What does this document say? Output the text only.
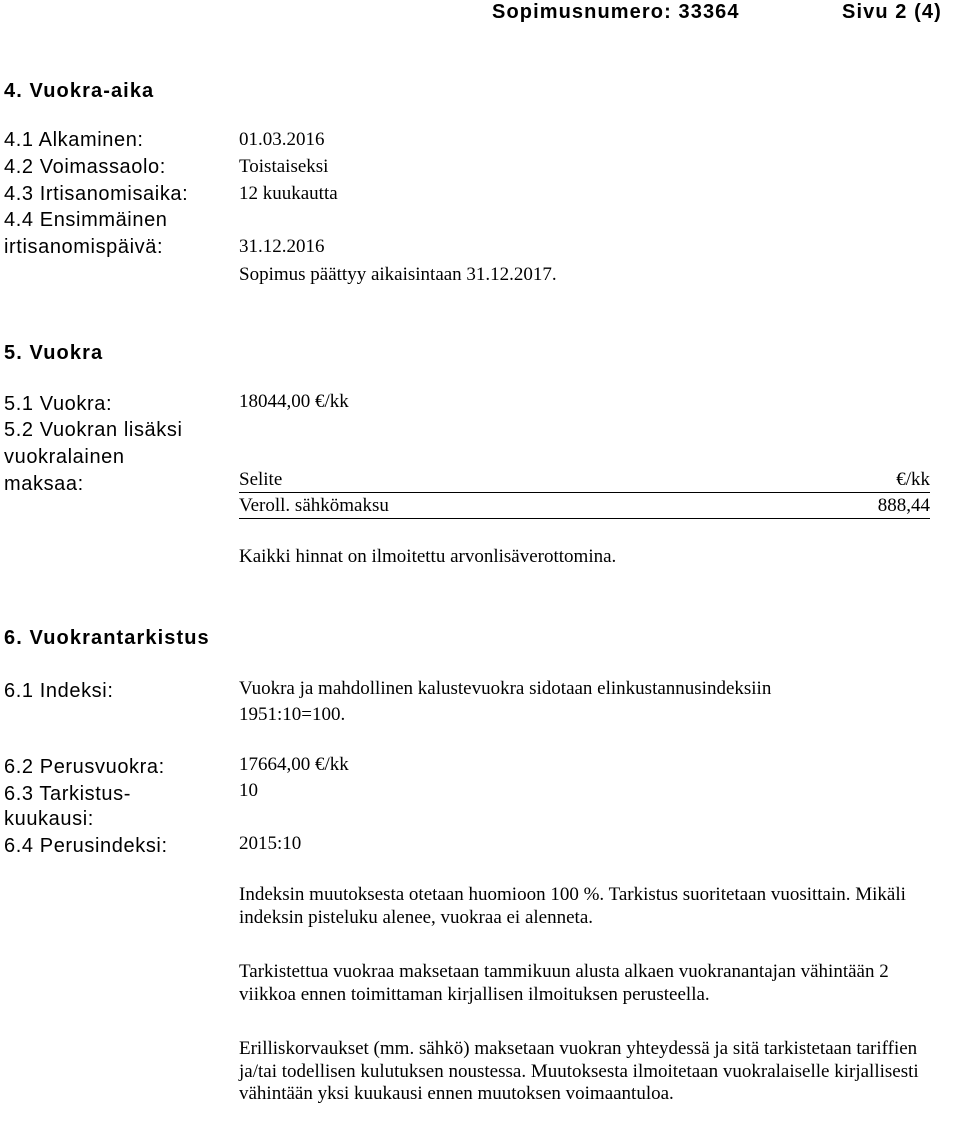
Sopimusnumero: 33364	Sivu 2 (4)
4. Vuokra-aika
4.1 Alkaminen:	01.03.2016
4.2 Voimassaolo:	Toistaiseksi
4.3 Irtisanomisaika:	12 kuukautta
4.4 Ensimmäinen
irtisanomispäivä:	31.12.2016
Sopimus päättyy aikaisintaan 31.12.2017.
5. Vuokra
5.1 Vuokra:	18044,00 €/kk
5.2 Vuokran lisäksi
vuokralainen
maksaa:	Selite	€/kk
Veroll. sähkömaksu	888,44
Kaikki hinnat on ilmoitettu arvonlisäverottomina.
6. Vuokrantarkistus
6.1 Indeksi:	Vuokra ja mahdollinen kalustevuokra sidotaan elinkustannusindeksiin
1951:10=100.
6.2 Perusvuokra:	17664,00 €/kk
6.3 Tarkistus-	10
kuukausi:
6.4 Perusindeksi:	2015:10
Indeksin muutoksesta otetaan huomioon 100 %. Tarkistus suoritetaan vuosittain. Mikäli indeksin pisteluku alenee, vuokraa ei alenneta.
Tarkistettua vuokraa maksetaan tammikuun alusta alkaen vuokranantajan vähintään 2 viikkoa ennen toimittaman kirjallisen ilmoituksen perusteella.
Erilliskorvaukset (mm. sähkö) maksetaan vuokran yhteydessä ja sitä tarkistetaan tariffien ja/tai todellisen kulutuksen noustessa. Muutoksesta ilmoitetaan vuokralaiselle kirjallisesti vähintään yksi kuukausi ennen muutoksen voimaantuloa.
